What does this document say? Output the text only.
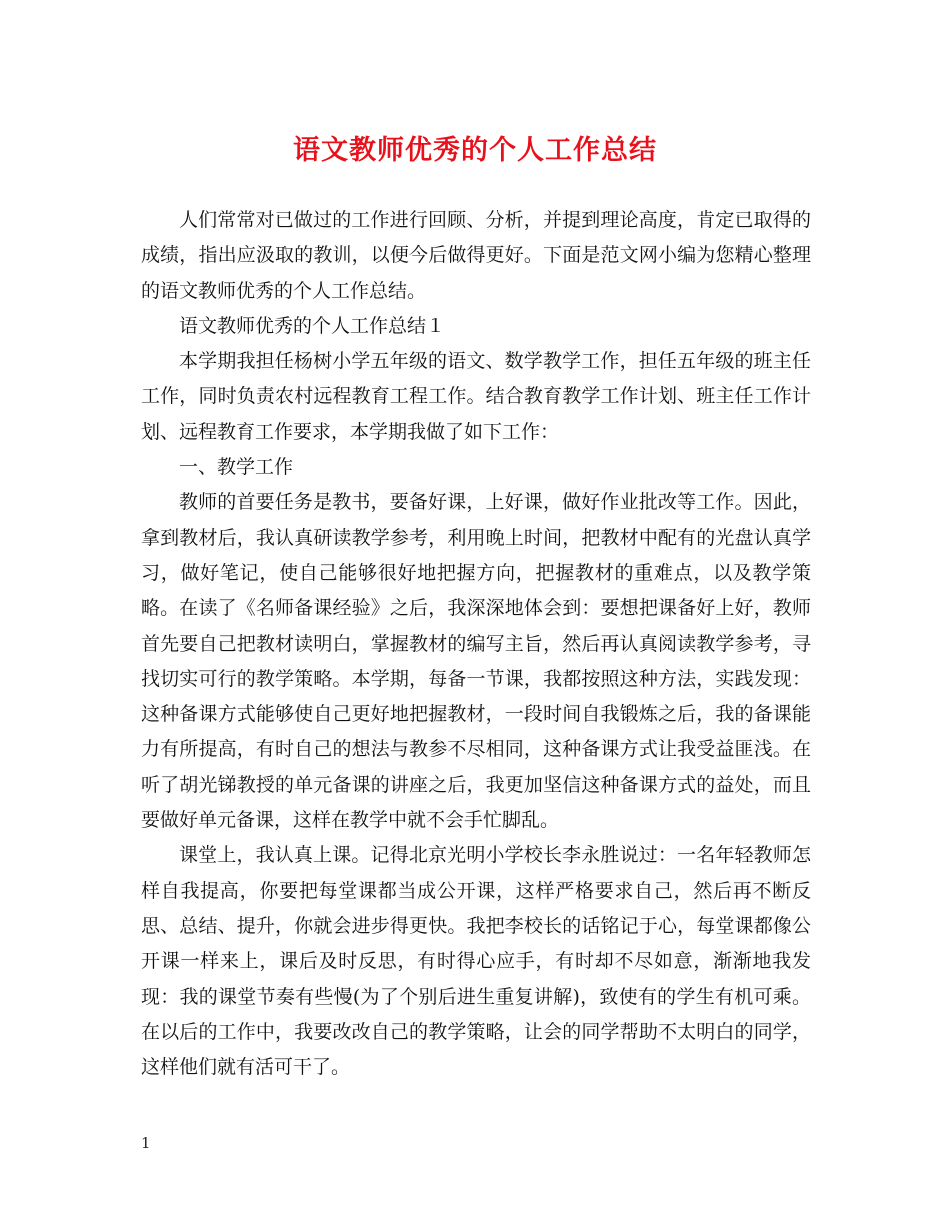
语文教师优秀的个人工作总结

人们常常对已做过的工作进行回顾、分析，并提到理论高度，肯定已取得的成绩，指出应汲取的教训，以便今后做得更好。下面是范文网小编为您精心整理的语文教师优秀的个人工作总结。

语文教师优秀的个人工作总结１

本学期我担任杨树小学五年级的语文、数学教学工作，担任五年级的班主任工作，同时负责农村远程教育工程工作。结合教育教学工作计划、班主任工作计划、远程教育工作要求，本学期我做了如下工作：

一、教学工作

教师的首要任务是教书，要备好课，上好课，做好作业批改等工作。因此，拿到教材后，我认真研读教学参考，利用晚上时间，把教材中配有的光盘认真学习，做好笔记，使自己能够很好地把握方向，把握教材的重难点，以及教学策略。在读了《名师备课经验》之后，我深深地体会到：要想把课备好上好，教师首先要自己把教材读明白，掌握教材的编写主旨，然后再认真阅读教学参考，寻找切实可行的教学策略。本学期，每备一节课，我都按照这种方法，实践发现：这种备课方式能够使自己更好地把握教材，一段时间自我锻炼之后，我的备课能力有所提高，有时自己的想法与教参不尽相同，这种备课方式让我受益匪浅。在听了胡光锑教授的单元备课的讲座之后，我更加坚信这种备课方式的益处，而且要做好单元备课，这样在教学中就不会手忙脚乱。

课堂上，我认真上课。记得北京光明小学校长李永胜说过：一名年轻教师怎样自我提高，你要把每堂课都当成公开课，这样严格要求自己，然后再不断反思、总结、提升，你就会进步得更快。我把李校长的话铭记于心，每堂课都像公开课一样来上，课后及时反思，有时得心应手，有时却不尽如意，渐渐地我发现：我的课堂节奏有些慢(为了个别后进生重复讲解)，致使有的学生有机可乘。在以后的工作中，我要改改自己的教学策略，让会的同学帮助不太明白的同学，这样他们就有活可干了。

1
